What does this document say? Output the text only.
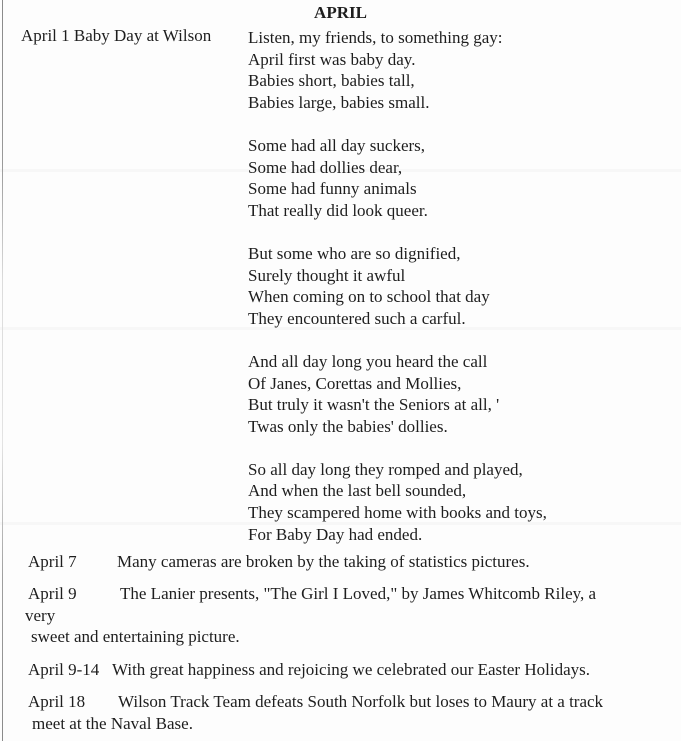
APRIL
April 1 Baby Day at Wilson Listen, my friends, to something gay:
April first was baby day.
Babies short, babies tall,
Babies large, babies small.
Some had all day suckers,
Some had dollies dear,
Some had funny animals
That really did look queer.
But some who are so dignified,
Surely thought it awful
When coming on to school that day
They encountered such a carful.
And all day long you heard the call
Of Janes, Corettas and Mollies,
But truly it wasn't the Seniors at all, '
Twas only the babies' dollies.
So all day long they romped and played,
And when the last bell sounded,
They scampered home with books and toys,
For Baby Day had ended.
April 7 Many cameras are broken by the taking of statistics pictures.
April 9	The Lanier presents, "The Girl I Loved," by James Whitcomb Riley, a
very
sweet and entertaining picture.
April 9-14 With great happiness and rejoicing we celebrated our Easter Holidays.
April 18 Wilson Track Team defeats South Norfolk but loses to Maury at a track
meet at the Naval Base.
